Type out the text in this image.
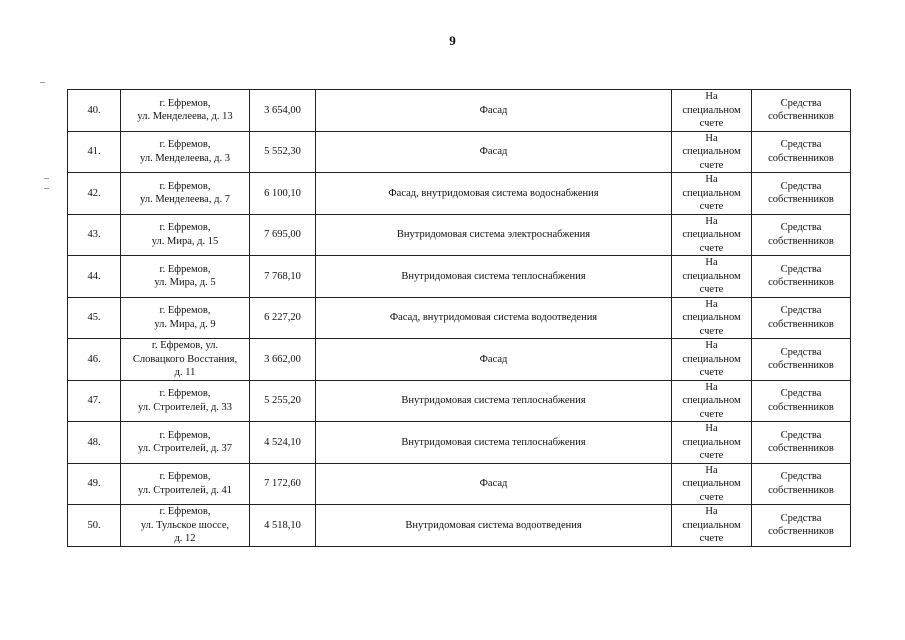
9
40.	г. Ефремов,
ул. Менделеева, д. 13	3 654,00	Фасад	На
специальном
счете	Средства
собственников

41.	г. Ефремов,
ул. Менделеева, д. 3	5 552,30	Фасад	На
специальном
счете	Средства
собственников

42.	г. Ефремов,
ул. Менделеева, д. 7	6 100,10	Фасад, внутридомовая система водоснабжения	На
специальном
счете	Средства
собственников

43.	г. Ефремов,
ул. Мира, д. 15	7 695,00	Внутридомовая система электроснабжения	На
специальном
счете	Средства
собственников

44.	г. Ефремов,
ул. Мира, д. 5	7 768,10	Внутридомовая система теплоснабжения	На
специальном
счете	Средства
собственников

45.	г. Ефремов,
ул. Мира, д. 9	6 227,20	Фасад, внутридомовая система водоотведения	На
специальном
счете	Средства
собственников

46.	г. Ефремов, ул.
Словацкого Восстания,
д. 11	3 662,00	Фасад	На
специальном
счете	Средства
собственников

47.	г. Ефремов,
ул. Строителей, д. 33	5 255,20	Внутридомовая система теплоснабжения	На
специальном
счете	Средства
собственников

48.	г. Ефремов,
ул. Строителей, д. 37	4 524,10	Внутридомовая система теплоснабжения	На
специальном
счете	Средства
собственников

49.	г. Ефремов,
ул. Строителей, д. 41	7 172,60	Фасад	На
специальном
счете	Средства
собственников

50.	г. Ефремов,
ул. Тульское шоссе,
д. 12	4 518,10	Внутридомовая система водоотведения	На
специальном
счете	Средства
собственников
